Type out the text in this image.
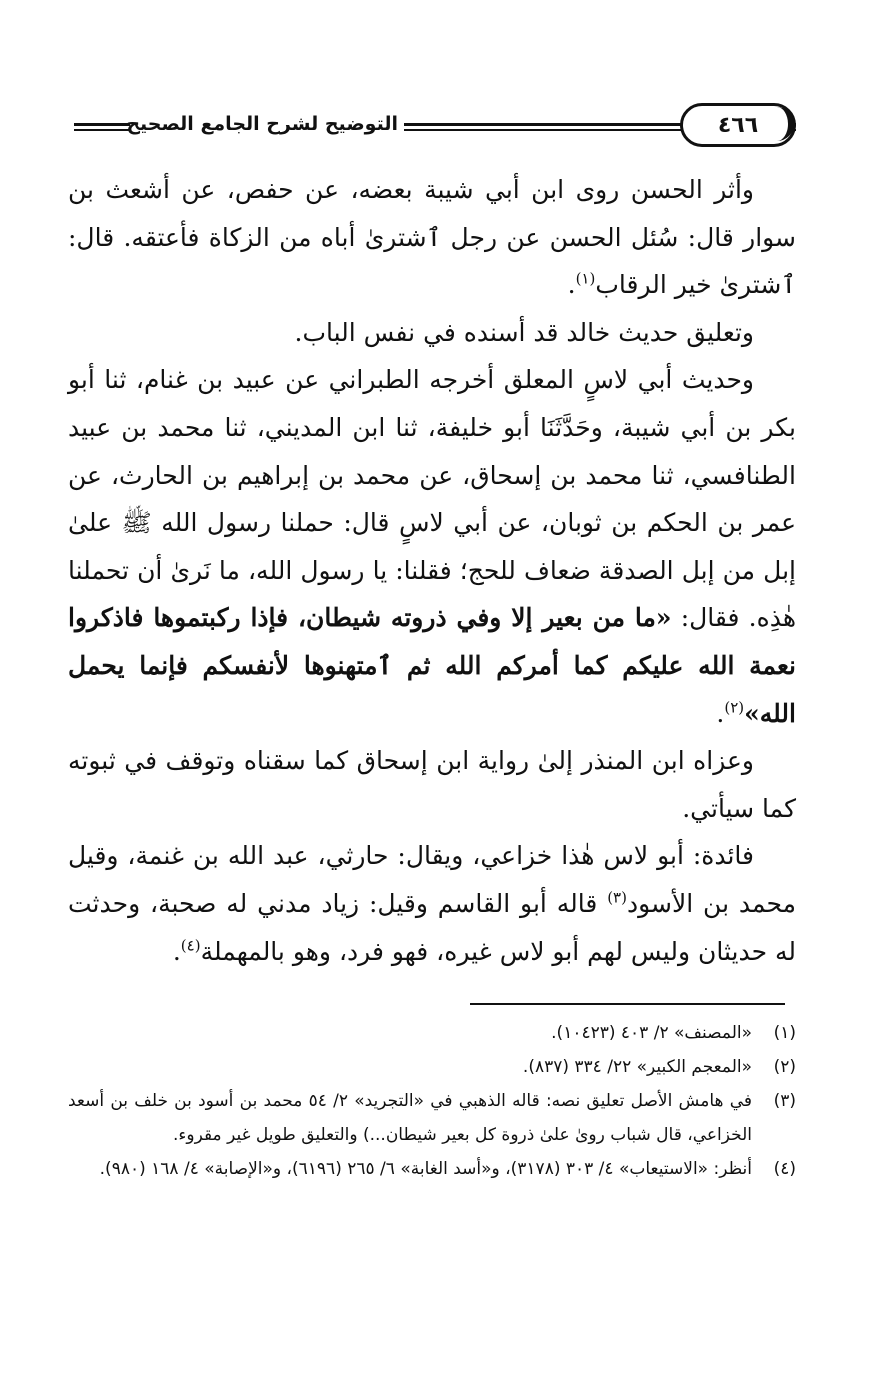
التوضيح لشرح الجامع الصحيح	٤٦٦

وأثر الحسن روى ابن أبي شيبة بعضه، عن حفص، عن أشعث بن سوار قال: سُئل الحسن عن رجل ٱشترىٰ أباه من الزكاة فأعتقه. قال: ٱشترىٰ خير الرقاب$^{(١)}$.

وتعليق حديث خالد قد أسنده في نفس الباب.

وحديث أبي لاسٍ المعلق أخرجه الطبراني عن عبيد بن غنام، ثنا أبو بكر بن أبي شيبة، وحَدَّثَنَا أبو خليفة، ثنا ابن المديني، ثنا محمد بن عبيد الطنافسي، ثنا محمد بن إسحاق، عن محمد بن إبراهيم بن الحارث، عن عمر بن الحكم بن ثوبان، عن أبي لاسٍ قال: حملنا رسول الله ﷺ علىٰ إبل من إبل الصدقة ضعاف للحج؛ فقلنا: يا رسول الله، ما نَرىٰ أن تحملنا هٰذِه. فقال: «ما من بعير إلا وفي ذروته شيطان، فإذا ركبتموها فاذكروا نعمة الله عليكم كما أمركم الله ثم ٱمتهنوها لأنفسكم فإنما يحمل الله»$^{(٢)}$.

وعزاه ابن المنذر إلىٰ رواية ابن إسحاق كما سقناه وتوقف في ثبوته كما سيأتي.

فائدة: أبو لاس هٰذا خزاعي، ويقال: حارثي، عبد الله بن غنمة، وقيل محمد بن الأسود$^{(٣)}$ قاله أبو القاسم وقيل: زياد مدني له صحبة، وحدثت له حديثان وليس لهم أبو لاس غيره، فهو فرد، وهو بالمهملة$^{(٤)}$.

(١)
«المصنف» ٢/ ٤٠٣ (١٠٤٢٣).
(٢)
«المعجم الكبير» ٢٢/ ٣٣٤ (٨٣٧).
(٣)
في هامش الأصل تعليق نصه: قاله الذهبي في «التجريد» ٢/ ٥٤ محمد بن أسود بن خلف بن أسعد الخزاعي، قال شباب روىٰ علىٰ ذروة كل بعير شيطان...) والتعليق طويل غير مقروء.
(٤)
أنظر: «الاستيعاب» ٤/ ٣٠٣ (٣١٧٨)، و«أسد الغابة» ٦/ ٢٦٥ (٦١٩٦)، و«الإصابة» ٤/ ١٦٨ (٩٨٠).
